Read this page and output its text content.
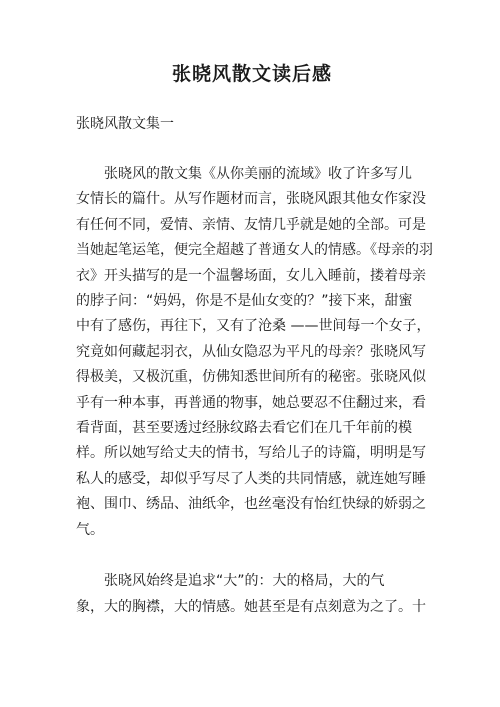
张晓风散文读后感
张晓风散文集一

张晓风的散文集《从你美丽的流域》收了许多写儿
女情长的篇什。从写作题材而言，张晓风跟其他女作家没
有任何不同，爱情、亲情、友情几乎就是她的全部。可是
当她起笔运笔，便完全超越了普通女人的情感。《母亲的羽
衣》开头描写的是一个温馨场面，女儿入睡前，搂着母亲
的脖子问：“妈妈，你是不是仙女变的？”接下来，甜蜜
中有了感伤，再往下，又有了沧桑 ——世间每一个女子，
究竟如何藏起羽衣，从仙女隐忍为平凡的母亲？张晓风写
得极美，又极沉重，仿佛知悉世间所有的秘密。张晓风似
乎有一种本事，再普通的物事，她总要忍不住翻过来，看
看背面，甚至要透过经脉纹路去看它们在几千年前的模
样。所以她写给丈夫的情书，写给儿子的诗篇，明明是写
私人的感受，却似乎写尽了人类的共同情感，就连她写睡
袍、围巾、绣品、油纸伞，也丝毫没有怡红快绿的娇弱之
气。

张晓风始终是追求“大”的：大的格局，大的气
象，大的胸襟，大的情感。她甚至是有点刻意为之了。十
